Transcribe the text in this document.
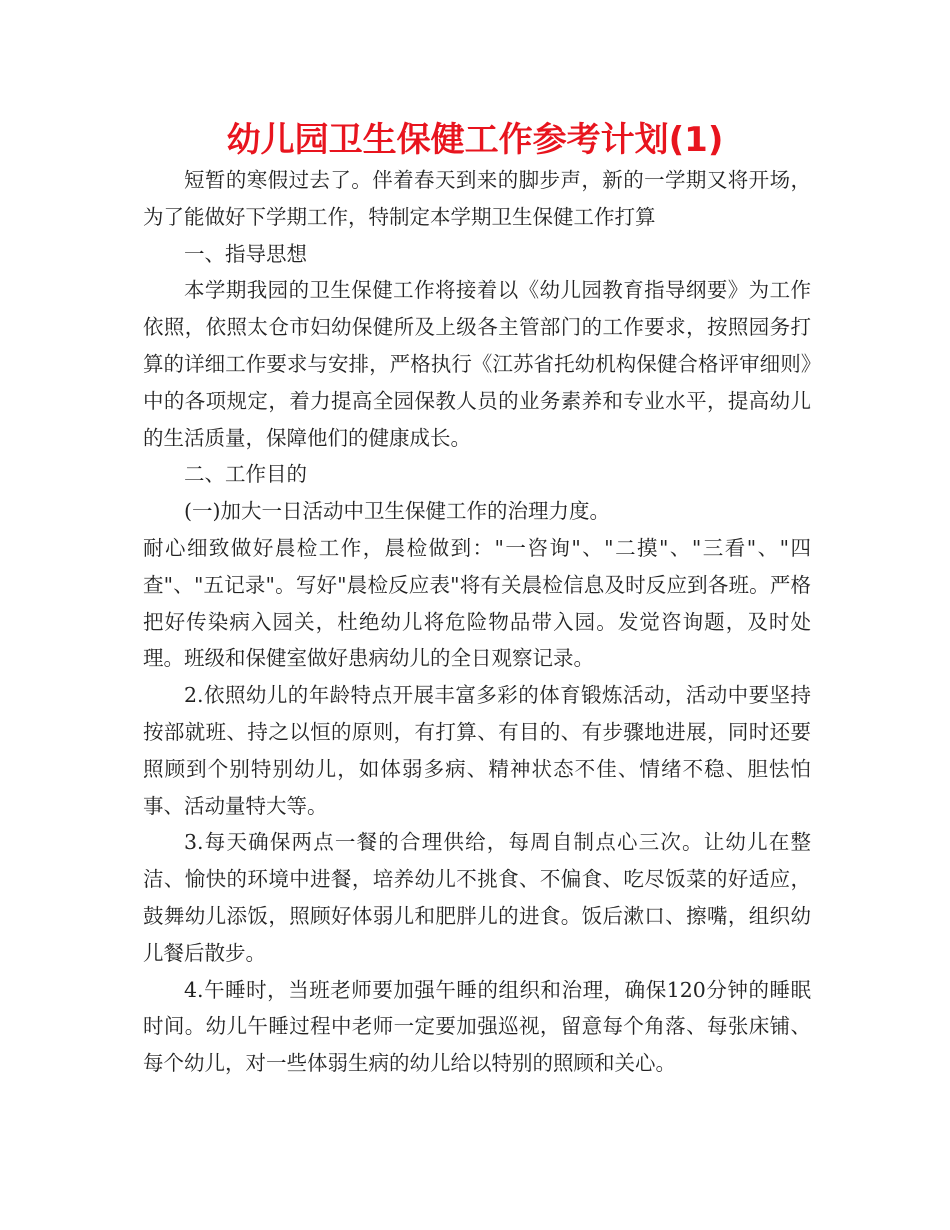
幼儿园卫生保健工作参考计划(1)

短暂的寒假过去了。伴着春天到来的脚步声，新的一学期又将开场，为了能做好下学期工作，特制定本学期卫生保健工作打算

一、指导思想

本学期我园的卫生保健工作将接着以《幼儿园教育指导纲要》为工作依照，依照太仓市妇幼保健所及上级各主管部门的工作要求，按照园务打算的详细工作要求与安排，严格执行《江苏省托幼机构保健合格评审细则》中的各项规定，着力提高全园保教人员的业务素养和专业水平，提高幼儿的生活质量，保障他们的健康成长。

二、工作目的

(一)加大一日活动中卫生保健工作的治理力度。

耐心细致做好晨检工作，晨检做到："一咨询"、"二摸"、"三看"、"四查"、"五记录"。写好"晨检反应表"将有关晨检信息及时反应到各班。严格把好传染病入园关，杜绝幼儿将危险物品带入园。发觉咨询题，及时处理。班级和保健室做好患病幼儿的全日观察记录。

2.依照幼儿的年龄特点开展丰富多彩的体育锻炼活动，活动中要坚持按部就班、持之以恒的原则，有打算、有目的、有步骤地进展，同时还要照顾到个别特别幼儿，如体弱多病、精神状态不佳、情绪不稳、胆怯怕事、活动量特大等。

3.每天确保两点一餐的合理供给，每周自制点心三次。让幼儿在整洁、愉快的环境中进餐，培养幼儿不挑食、不偏食、吃尽饭菜的好适应，鼓舞幼儿添饭，照顾好体弱儿和肥胖儿的进食。饭后漱口、擦嘴，组织幼儿餐后散步。

4.午睡时，当班老师要加强午睡的组织和治理，确保120分钟的睡眠时间。幼儿午睡过程中老师一定要加强巡视，留意每个角落、每张床铺、每个幼儿，对一些体弱生病的幼儿给以特别的照顾和关心。
